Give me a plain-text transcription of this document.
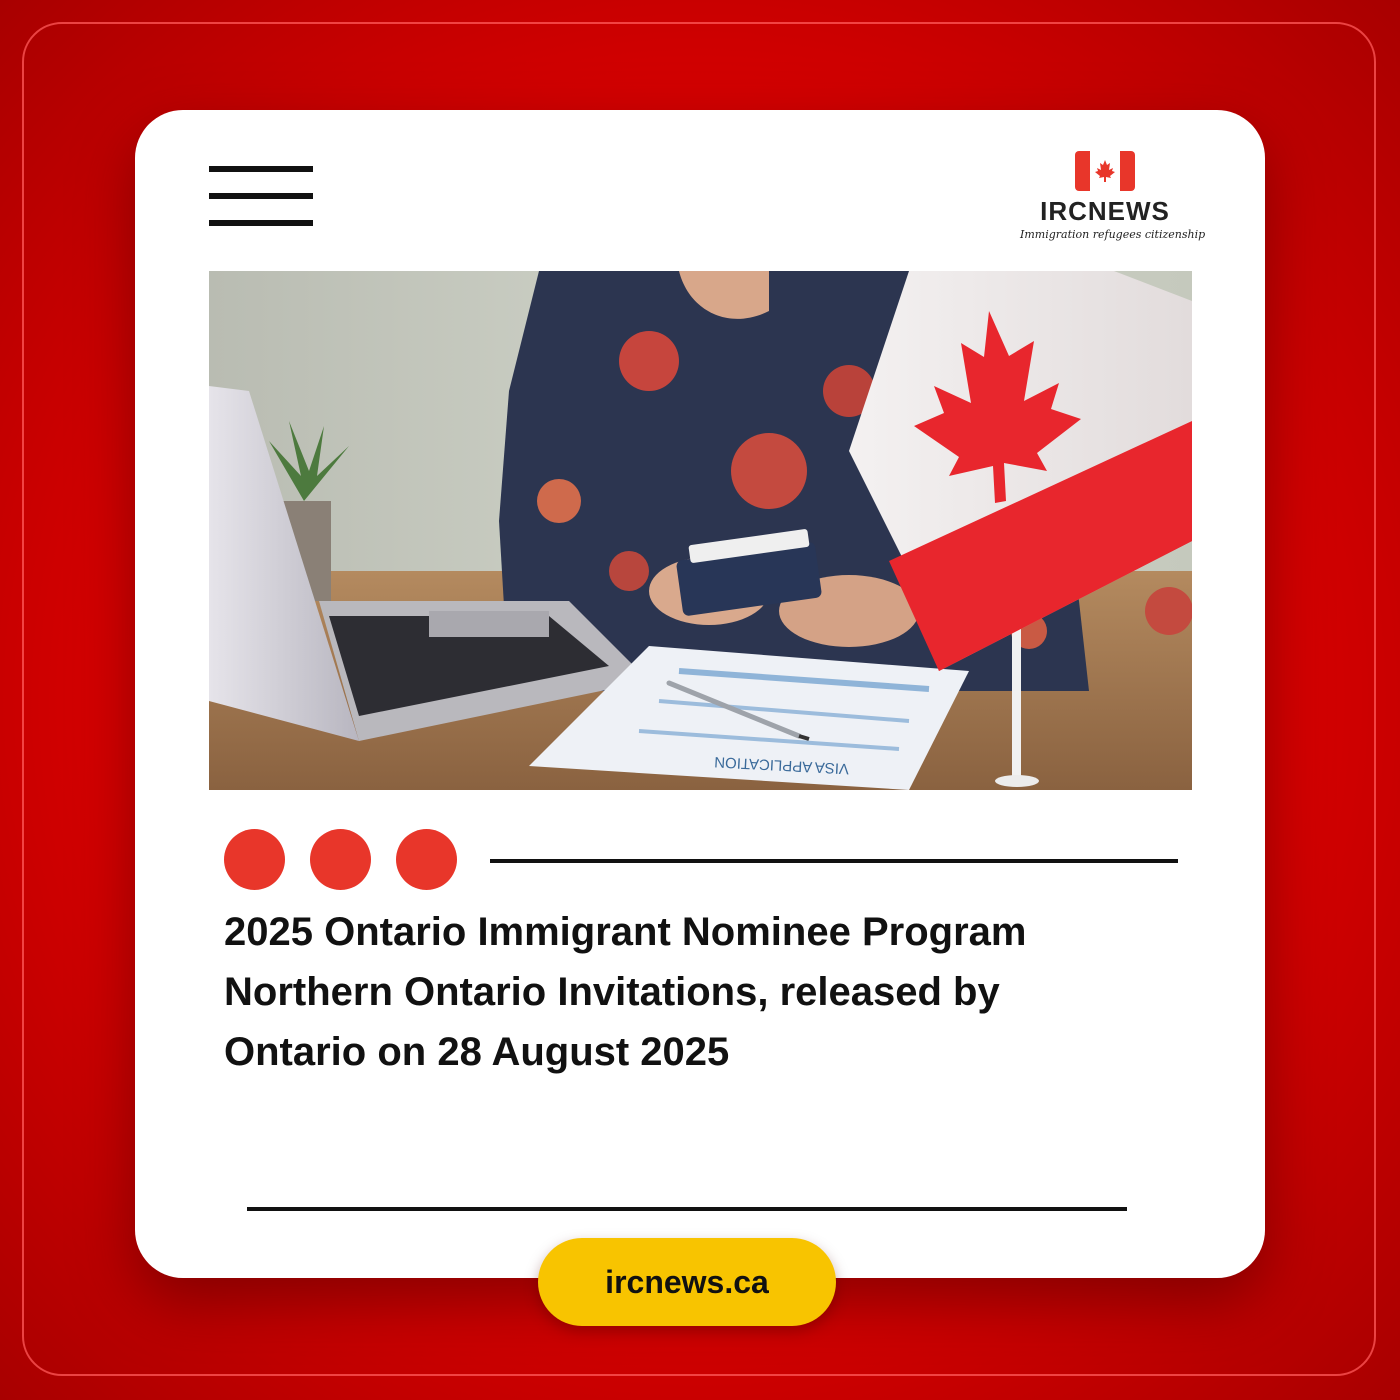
IRCNEWS
Immigration refugees citizenship
VISA APPLICATION
2025 Ontario Immigrant Nominee Program
Northern Ontario Invitations, released by
Ontario on 28 August 2025
ircnews.ca
